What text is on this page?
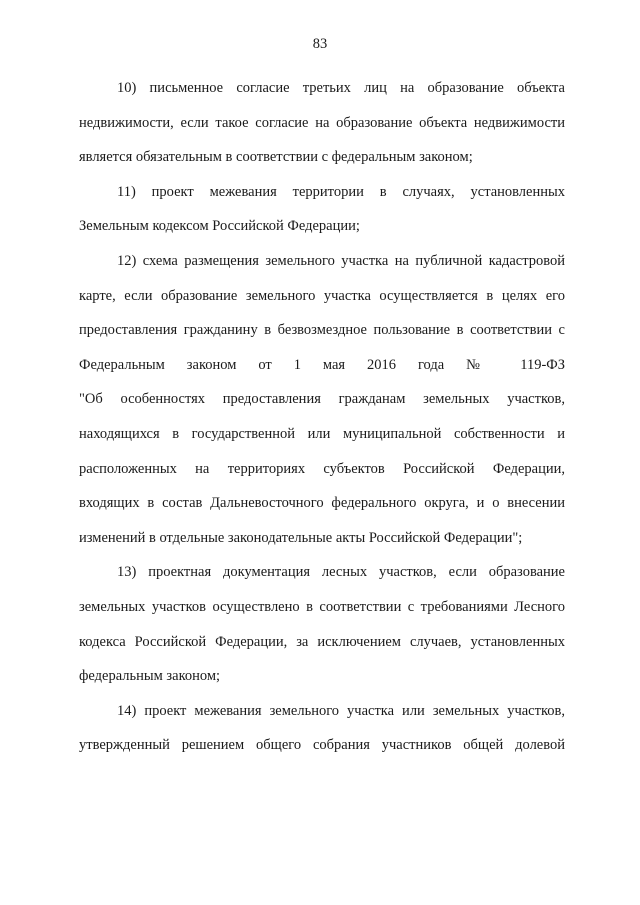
83
10) письменное согласие третьих лиц на образование объекта
недвижимости, если такое согласие на образование объекта недвижимости
является обязательным в соответствии с федеральным законом;
11) проект межевания территории в случаях, установленных
Земельным кодексом Российской Федерации;
12) схема размещения земельного участка на публичной кадастровой
карте, если образование земельного участка осуществляется в целях его
предоставления гражданину в безвозмездное пользование в соответствии с
Федеральным законом от 1 мая 2016 года № 119-ФЗ
"Об особенностях предоставления гражданам земельных участков,
находящихся в государственной или муниципальной собственности и
расположенных на территориях субъектов Российской Федерации,
входящих в состав Дальневосточного федерального округа, и о внесении
изменений в отдельные законодательные акты Российской Федерации";
13) проектная документация лесных участков, если образование
земельных участков осуществлено в соответствии с требованиями Лесного
кодекса Российской Федерации, за исключением случаев, установленных
федеральным законом;
14) проект межевания земельного участка или земельных участков,
утвержденный решением общего собрания участников общей долевой
